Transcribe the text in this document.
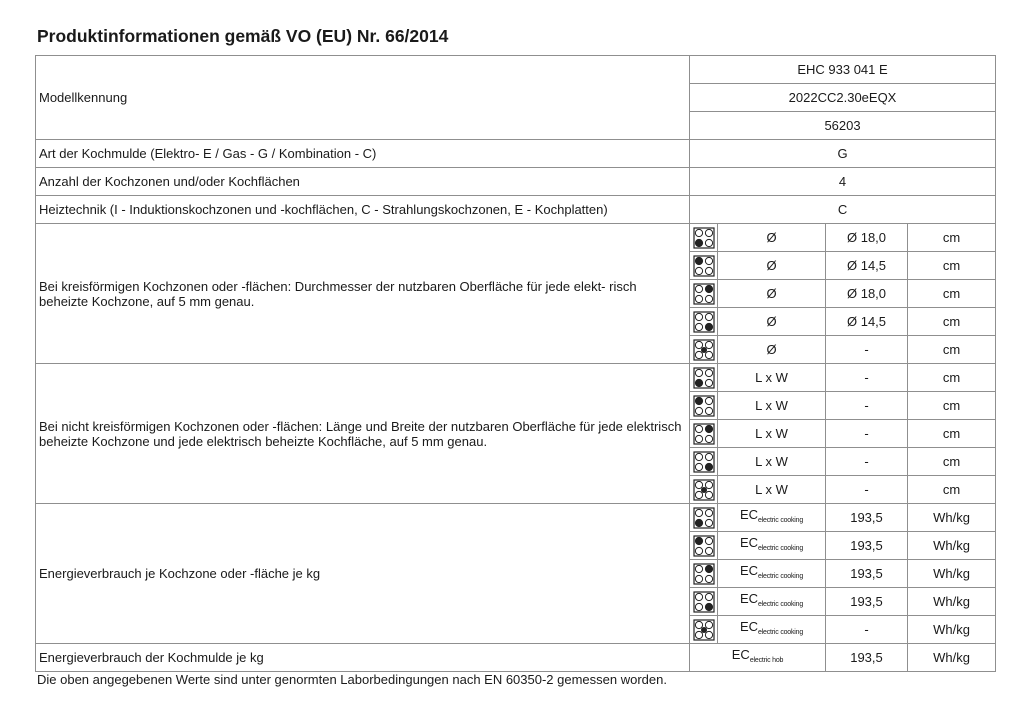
Produktinformationen gemäß VO (EU) Nr. 66/2014
Modellkennung	EHC 933 041 E			
	2022CC2.30eEQX			
	56203			
Art der Kochmulde (Elektro- E / Gas - G / Kombination - C)	G			
Anzahl der Kochzonen und/oder Kochflächen	4			
Heiztechnik (I - Induktionskochzonen und -kochflächen, C - Strahlungskochzonen, E - Kochplatten)	C			
Bei kreisförmigen Kochzonen oder -flächen: Durchmesser der nutzbaren Oberfläche für jede elekt- risch beheizte Kochzone, auf 5 mm genau.		Ø	Ø 18,0	cm

	Ø	Ø 14,5	cm

	Ø	Ø 18,0	cm

	Ø	Ø 14,5	cm

	Ø	-	cm
Bei nicht kreisförmigen Kochzonen oder -flächen: Länge und Breite der nutzbaren Oberfläche für jede elektrisch beheizte Kochzone und jede elektrisch beheizte Kochfläche, auf 5 mm genau.		L x W	-	cm

	L x W	-	cm

	L x W	-	cm

	L x W	-	cm

	L x W	-	cm
Energieverbrauch je Kochzone oder -fläche je kg		$EC_{electric cooking}$	193,5	Wh/kg

	$EC_{electric cooking}$	193,5	Wh/kg

	$EC_{electric cooking}$	193,5	Wh/kg

	$EC_{electric cooking}$	193,5	Wh/kg

	$EC_{electric cooking}$	-	Wh/kg
Energieverbrauch der Kochmulde je kg	$EC_{electric hob}$		193,5	Wh/kg
Die oben angegebenen Werte sind unter genormten Laborbedingungen nach EN 60350-2 gemessen worden.
